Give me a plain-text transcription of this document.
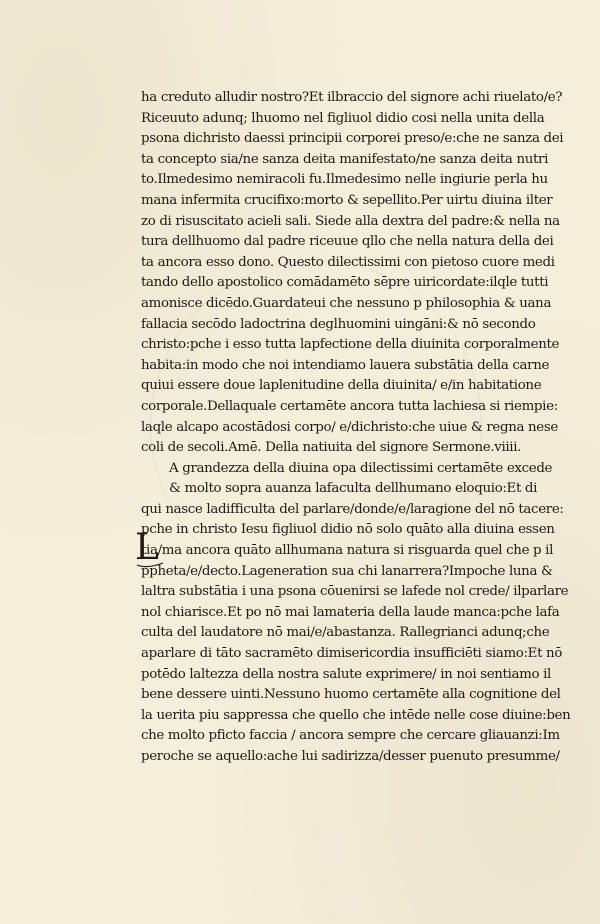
L
ha creduto alludir nostro?Et ilbraccio del signore achi riuelato/e?
Riceuuto adunq; lhuomo nel figliuol didio cosi nella unita della
psona dichristo daessi principii corporei preso/e:che ne sanza dei
ta concepto sia/ne sanza deita manifestato/ne sanza deita nutri
to.Ilmedesimo nemiracoli fu.Ilmedesimo nelle ingiurie perla hu
mana infermita crucifixo:morto & sepellito.Per uirtu diuina ilter
zo di risuscitato acieli sali. Siede alla dextra del padre:& nella na
tura dellhuomo dal padre riceuue qllo che nella natura della dei
ta ancora esso dono. Questo dilectissimi con pietoso cuore medi
tando dello apostolico comādamēto sēpre uiricordate:ilqle tutti
amonisce dicēdo.Guardateui che nessuno p philosophia & uana
fallacia secōdo ladoctrina deglhuomini uingāni:& nō secondo
christo:pche i esso tutta lapfectione della diuinita corporalmente
habita:in modo che noi intendiamo lauera substātia della carne
quiui essere doue laplenitudine della diuinita/ e/in habitatione
corporale.Dellaquale certamēte ancora tutta lachiesa si riempie:
laqle alcapo acostādosi corpo/ e/dichristo:che uiue & regna nese
coli de secoli.Amē. Della natiuita del signore Sermone.viiii.
A grandezza della diuina opa dilectissimi certamēte excede
& molto sopra auanza lafaculta dellhumano eloquio:Et di
qui nasce ladifficulta del parlare/donde/e/laragione del nō tacere:
pche in christo Iesu figliuol didio nō solo quāto alla diuina essen
tia/ma ancora quāto allhumana natura si risguarda quel che p il
ppheta/e/decto.Lageneration sua chi lanarrera?Impoche luna &
laltra substātia i una psona cōuenirsi se lafede nol crede/ ilparlare
nol chiarisce.Et po nō mai lamateria della laude manca:pche lafa
culta del laudatore nō mai/e/abastanza. Rallegrianci adunq;che
aparlare di tāto sacramēto dimisericordia insufficiēti siamo:Et nō
potēdo laltezza della nostra salute exprimere/ in noi sentiamo il
bene dessere uinti.Nessuno huomo certamēte alla cognitione del
la uerita piu sappressa che quello che intēde nelle cose diuine:ben
che molto pficto faccia / ancora sempre che cercare gliauanzi:Im
peroche se aquello:ache lui sadirizza/desser puenuto presumme/
